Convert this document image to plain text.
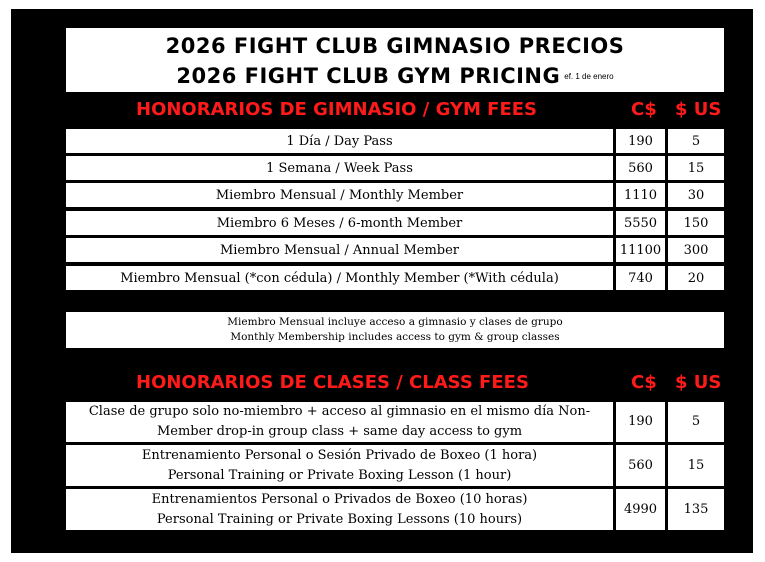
2026 FIGHT CLUB GIMNASIO PRECIOS
2026 FIGHT CLUB GYM PRICING ef. 1 de enero
HONORARIOS DE GIMNASIO / GYM FEES	C$ $ US
1 Día / Day Pass	190	5
1 Semana / Week Pass	560	15
Miembro Mensual / Monthly Member	1110	30
Miembro 6 Meses / 6-month Member	5550	150
Miembro Mensual / Annual Member	11100	300
Miembro Mensual (*con cédula) / Monthly Member (*With cédula)	740	20
Miembro Mensual incluye acceso a gimnasio y clases de grupo
Monthly Membership includes access to gym & group classes
HONORARIOS DE CLASES / CLASS FEES	C$ $ US
Clase de grupo solo no-miembro + acceso al gimnasio en el mismo día Non-
Member drop-in group class + same day access to gym
190	5
Entrenamiento Personal o Sesión Privado de Boxeo (1 hora)
Personal Training or Private Boxing Lesson (1 hour)
560	15
Entrenamientos Personal o Privados de Boxeo (10 horas)
Personal Training or Private Boxing Lessons (10 hours)
4990	135
